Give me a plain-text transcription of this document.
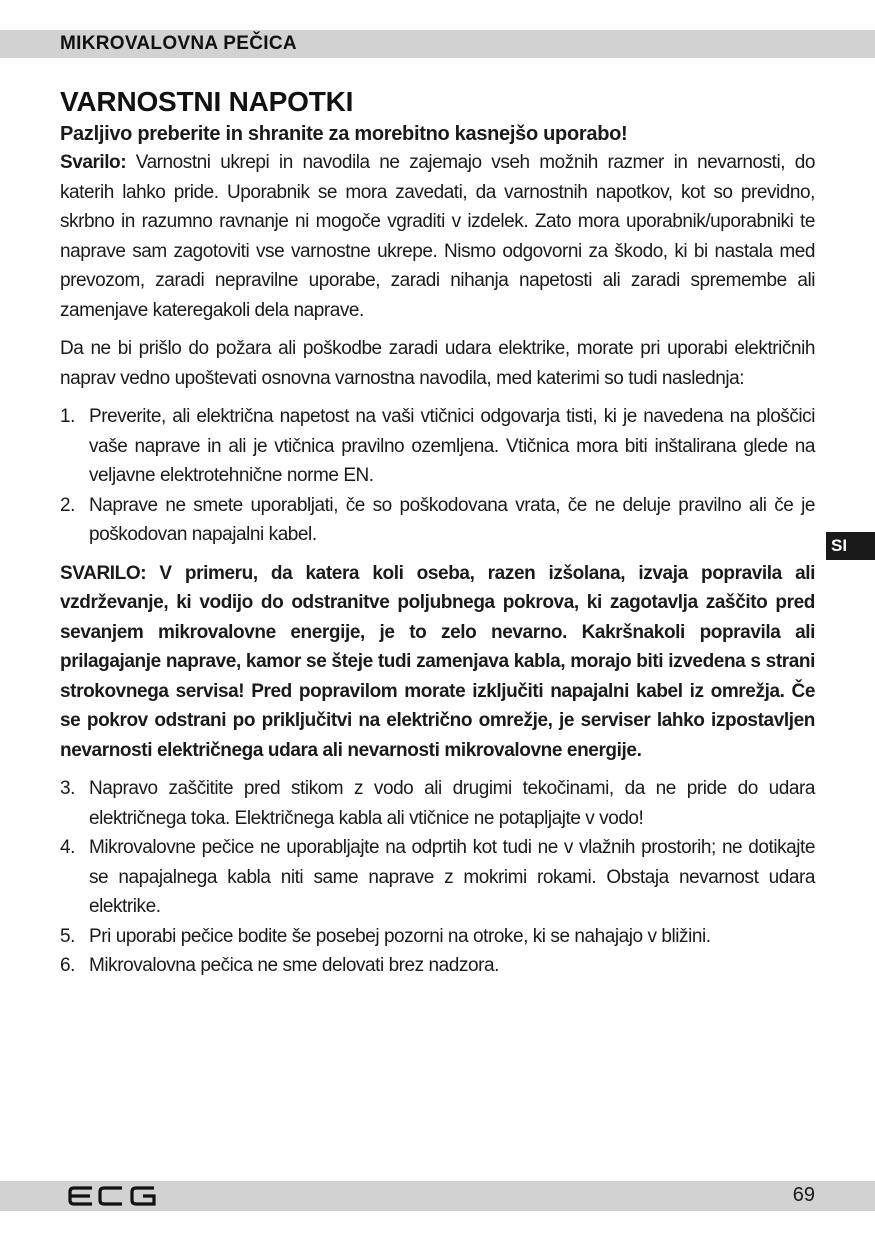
MIKROVALOVNA PEČICA
VARNOSTNI NAPOTKI

Pazljivo preberite in shranite za morebitno kasnejšo uporabo!

Svarilo: Varnostni ukrepi in navodila ne zajemajo vseh možnih razmer in nevarnosti, do katerih lahko pride. Uporabnik se mora zavedati, da varnostnih napotkov, kot so previdno, skrbno in razumno ravnanje ni mogoče vgraditi v izdelek. Zato mora uporabnik/uporabniki te naprave sam zagotoviti vse varnostne ukrepe. Nismo odgovorni za škodo, ki bi nastala med prevozom, zaradi nepravilne uporabe, zaradi nihanja napetosti ali zaradi spremembe ali zamenjave kateregakoli dela naprave.

Da ne bi prišlo do požara ali poškodbe zaradi udara elektrike, morate pri uporabi električnih naprav vedno upoštevati osnovna varnostna navodila, med katerimi so tudi naslednja:

1. Preverite, ali električna napetost na vaši vtičnici odgovarja tisti, ki je navedena na ploščici vaše naprave in ali je vtičnica pravilno ozemljena. Vtičnica mora biti inštalirana glede na veljavne elektrotehnične norme EN.
2. Naprave ne smete uporabljati, če so poškodovana vrata, če ne deluje pravilno ali če je poškodovan napajalni kabel.

SVARILO: V primeru, da katera koli oseba, razen izšolana, izvaja popravila ali vzdrževanje, ki vodijo do odstranitve poljubnega pokrova, ki zagotavlja zaščito pred sevanjem mikrovalovne energije, je to zelo nevarno. Kakršnakoli popravila ali prilagajanje naprave, kamor se šteje tudi zamenjava kabla, morajo biti izvedena s strani strokovnega servisa! Pred popravilom morate izključiti napajalni kabel iz omrežja. Če se pokrov odstrani po priključitvi na električno omrežje, je serviser lahko izpostavljen nevarnosti električnega udara ali nevarnosti mikrovalovne energije.

3. Napravo zaščitite pred stikom z vodo ali drugimi tekočinami, da ne pride do udara električnega toka. Električnega kabla ali vtičnice ne potapljajte v vodo!
4. Mikrovalovne pečice ne uporabljajte na odprtih kot tudi ne v vlažnih prostorih; ne dotikajte se napajalnega kabla niti same naprave z mokrimi rokami. Obstaja nevarnost udara elektrike.
5. Pri uporabi pečice bodite še posebej pozorni na otroke, ki se nahajajo v bližini.
6. Mikrovalovna pečica ne sme delovati brez nadzora.
SI
69
